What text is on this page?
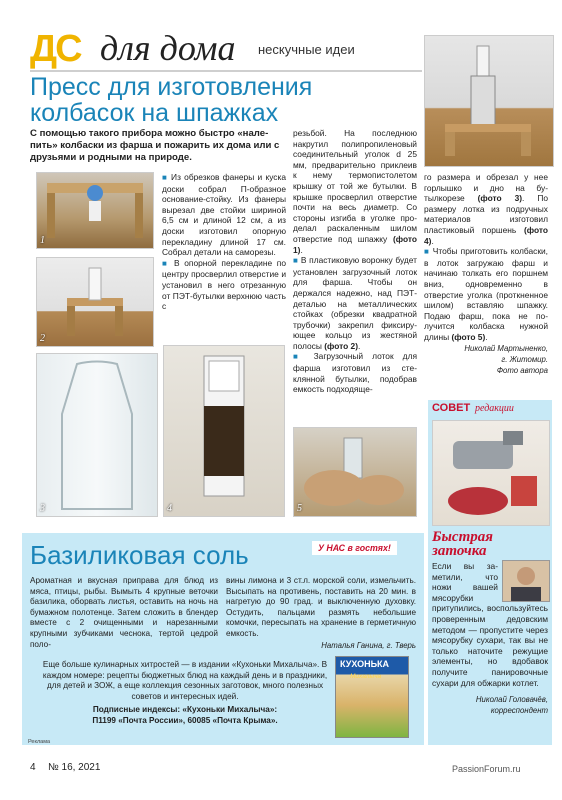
ДС для дома нескучные идеи
Пресс для изготовления
колбасок на шпажках
С помощью такого прибора можно быстро «налепить» колбаски из фарша и пожарить их дома или с друзьями и родными на природе.
1
2
3	4	5

■ Из обрезков фанеры и куска доски собрал П-образное основание-стойку. Из фанеры вырезал две стойки шириной 6,5 см и длиной 12 см, а из доски изготовил опорную перекладину длиной 17 см. Собрал детали на саморезы.

■ В опорной перекладине по центру просверлил отверстие и установил в него отрезанную от ПЭТ-бутылки верхнюю часть с

резьбой. На последнюю накрутил полипропиленовый соединительный уголок d 25 мм, предварительно приклеив к нему термопистолетом крышку от той же бутылки. В крышке просверлил отверстие почти на весь диаметр. Со стороны изгиба в уголке проделал раскаленным шилом отверстие под шпажку (фото 1).

■ В пластиковую воронку будет установлен загрузочный лоток для фарша. Чтобы он держался надежно, над ПЭТ-деталью на металлических стойках (обрезки квадратной трубочки) закрепил фиксирующее кольцо из жестяной полосы (фото 2).

■ Загрузочный лоток для фарша изготовил из стеклянной бутылки, подобрав емкость подходяще-

го размера и обрезал у нее горлышко и дно на бутылкорезе (фото 3). По размеру лотка из подручных материалов изготовил пластиковый поршень (фото 4).

■ Чтобы приготовить колбаски, в лоток загружаю фарш и начинаю толкать его поршнем вниз, одновременно в отверстие уголка (проткненное шилом) вставляю шпажку. Подаю фарш, пока не получится колбаска нужной длины (фото 5).

Николай Мартыненко,
г. Житомир.
Фото автора
СОВЕТ редакции
Быстрая
заточка
Если вы заметили, что ножи вашей мясорубки притупились, воспользуйтесь проверенным дедовским методом — пропустите через мясорубку сухари, так вы не только наточите режущие элементы, но вдобавок получите панировочные сухари для обжарки котлет.
Николай Головачёв,
корреспондент
Базиликовая соль	У НАС в гостях!
Ароматная и вкусная приправа для блюд из мяса, птицы, рыбы. Вымыть 4 крупные веточки базилика, оборвать листья, оставить на ночь на бумажном полотенце. Затем сложить в блендер вместе с 2 очищенными и нарезанными крупными зубчиками чеснока, тертой цедрой поло-
вины лимона и 3 ст.л. морской соли, измельчить. Высыпать на противень, поставить на 20 мин. в нагретую до 90 град. и выключенную духовку. Остудить, пальцами размять небольшие комочки, пересыпать на хранение в герметичную емкость.
Наталья Ганина, г. Тверь
Еще больше кулинарных хитростей — в издании «Кухоньки Михалыча». В каждом номере: рецепты бюджетных блюд на каждый день и в праздники, для детей и ЗОЖ, а еще коллекция сезонных заготовок, много полезных советов и интересных идей.
Подписные индексы: «Кухоньки Михалыча»:
П1199 «Почта России», 60085 «Почта Крыма».
КУХОНЬКА
Михалыча
Реклама
4 № 16, 2021	PassionForum.ru
